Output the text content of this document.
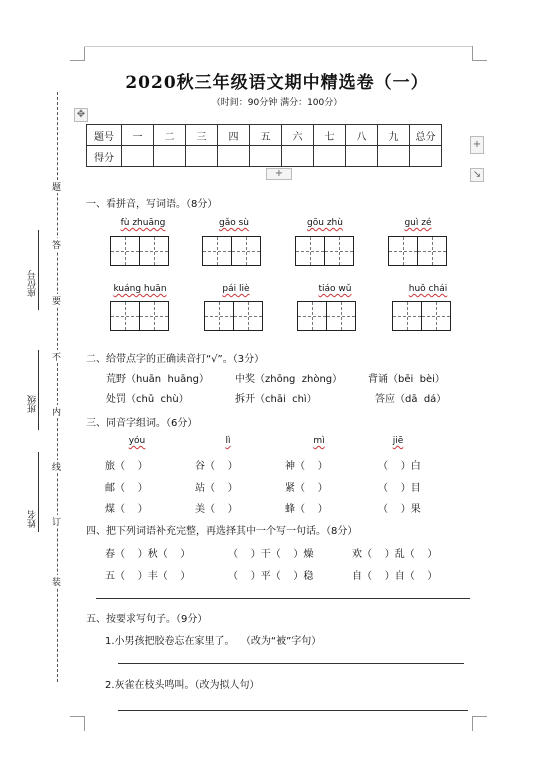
座位号
班级
姓名
题
答
要
不
内
线
订
装
2020秋三年级语文期中精选卷（一）
（时间：90分钟 满分：100分）
✥
+
+	↘
题号	一	二	三	四	五	六	七	八	九	总分
得分										
一、看拼音，写词语。（8分）
fù zhuāng	gǎo sù	gōu zhù	guì zé
kuáng huān	pái liè	tiáo wǔ	huǒ chái
二、给带点字的正确读音打“√”。（3分）
荒野（huān  huāng）	中奖（zhōng  zhòng）	背诵（bēi  bèi）
处罚（chǔ  chù）	拆开（chāi  chì）	答应（dā  dá）
三、同音字组词。（6分）
yóu	lì	mì	jiē
旅（    ）	谷（    ）	神（    ）	（    ）白
邮（    ）	站（    ）	紧（    ）	（    ）目
煤（    ）	美（    ）	蜂（    ）	（    ）果
四、把下列词语补充完整，再选择其中一个写一句话。（8分）
春（    ）秋（    ）	（    ）干（    ）燥	欢（    ）乱（    ）
五（    ）丰（    ）	（    ）平（    ）稳	自（    ）自（    ）
五、按要求写句子。（9分）
1.小男孩把胶卷忘在家里了。  （改为“被”字句）
2.灰雀在枝头鸣叫。（改为拟人句）
